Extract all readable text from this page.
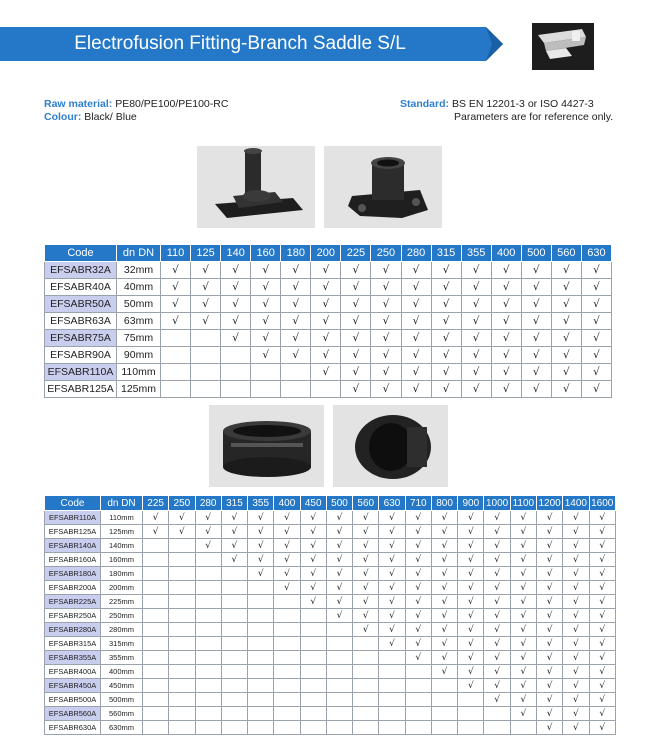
Electrofusion Fitting-Branch Saddle S/L
Raw material: PE80/PE100/PE100-RC
Colour: Black/ Blue
Standard: BS EN 12201-3 or ISO 4427-3
Parameters are for reference only.
Code	dn DN	110	125	140	160	180	200	225	250	280	315	355	400	500	560	630
EFSABR32A	32mm	√	√	√	√	√	√	√	√	√	√	√	√	√	√	√
EFSABR40A	40mm	√	√	√	√	√	√	√	√	√	√	√	√	√	√	√
EFSABR50A	50mm	√	√	√	√	√	√	√	√	√	√	√	√	√	√	√
EFSABR63A	63mm	√	√	√	√	√	√	√	√	√	√	√	√	√	√	√
EFSABR75A	75mm			√	√	√	√	√	√	√	√	√	√	√	√	√
EFSABR90A	90mm				√	√	√	√	√	√	√	√	√	√	√	√
EFSABR110A	110mm						√	√	√	√	√	√	√	√	√	√
EFSABR125A	125mm							√	√	√	√	√	√	√	√	√
Code	dn DN	225	250	280	315	355	400	450	500	560	630	710	800	900	1000	1100	1200	1400	1600
EFSABR110A	110mm	√	√	√	√	√	√	√	√	√	√	√	√	√	√	√	√	√	√
EFSABR125A	125mm	√	√	√	√	√	√	√	√	√	√	√	√	√	√	√	√	√	√
EFSABR140A	140mm			√	√	√	√	√	√	√	√	√	√	√	√	√	√	√	√
EFSABR160A	160mm				√	√	√	√	√	√	√	√	√	√	√	√	√	√	√
EFSABR180A	180mm					√	√	√	√	√	√	√	√	√	√	√	√	√	√
EFSABR200A	200mm						√	√	√	√	√	√	√	√	√	√	√	√	√
EFSABR225A	225mm							√	√	√	√	√	√	√	√	√	√	√	√
EFSABR250A	250mm								√	√	√	√	√	√	√	√	√	√	√
EFSABR280A	280mm									√	√	√	√	√	√	√	√	√	√
EFSABR315A	315mm										√	√	√	√	√	√	√	√	√
EFSABR355A	355mm											√	√	√	√	√	√	√	√
EFSABR400A	400mm												√	√	√	√	√	√	√
EFSABR450A	450mm													√	√	√	√	√	√
EFSABR500A	500mm														√	√	√	√	√
EFSABR560A	560mm															√	√	√	√
EFSABR630A	630mm																√	√	√
